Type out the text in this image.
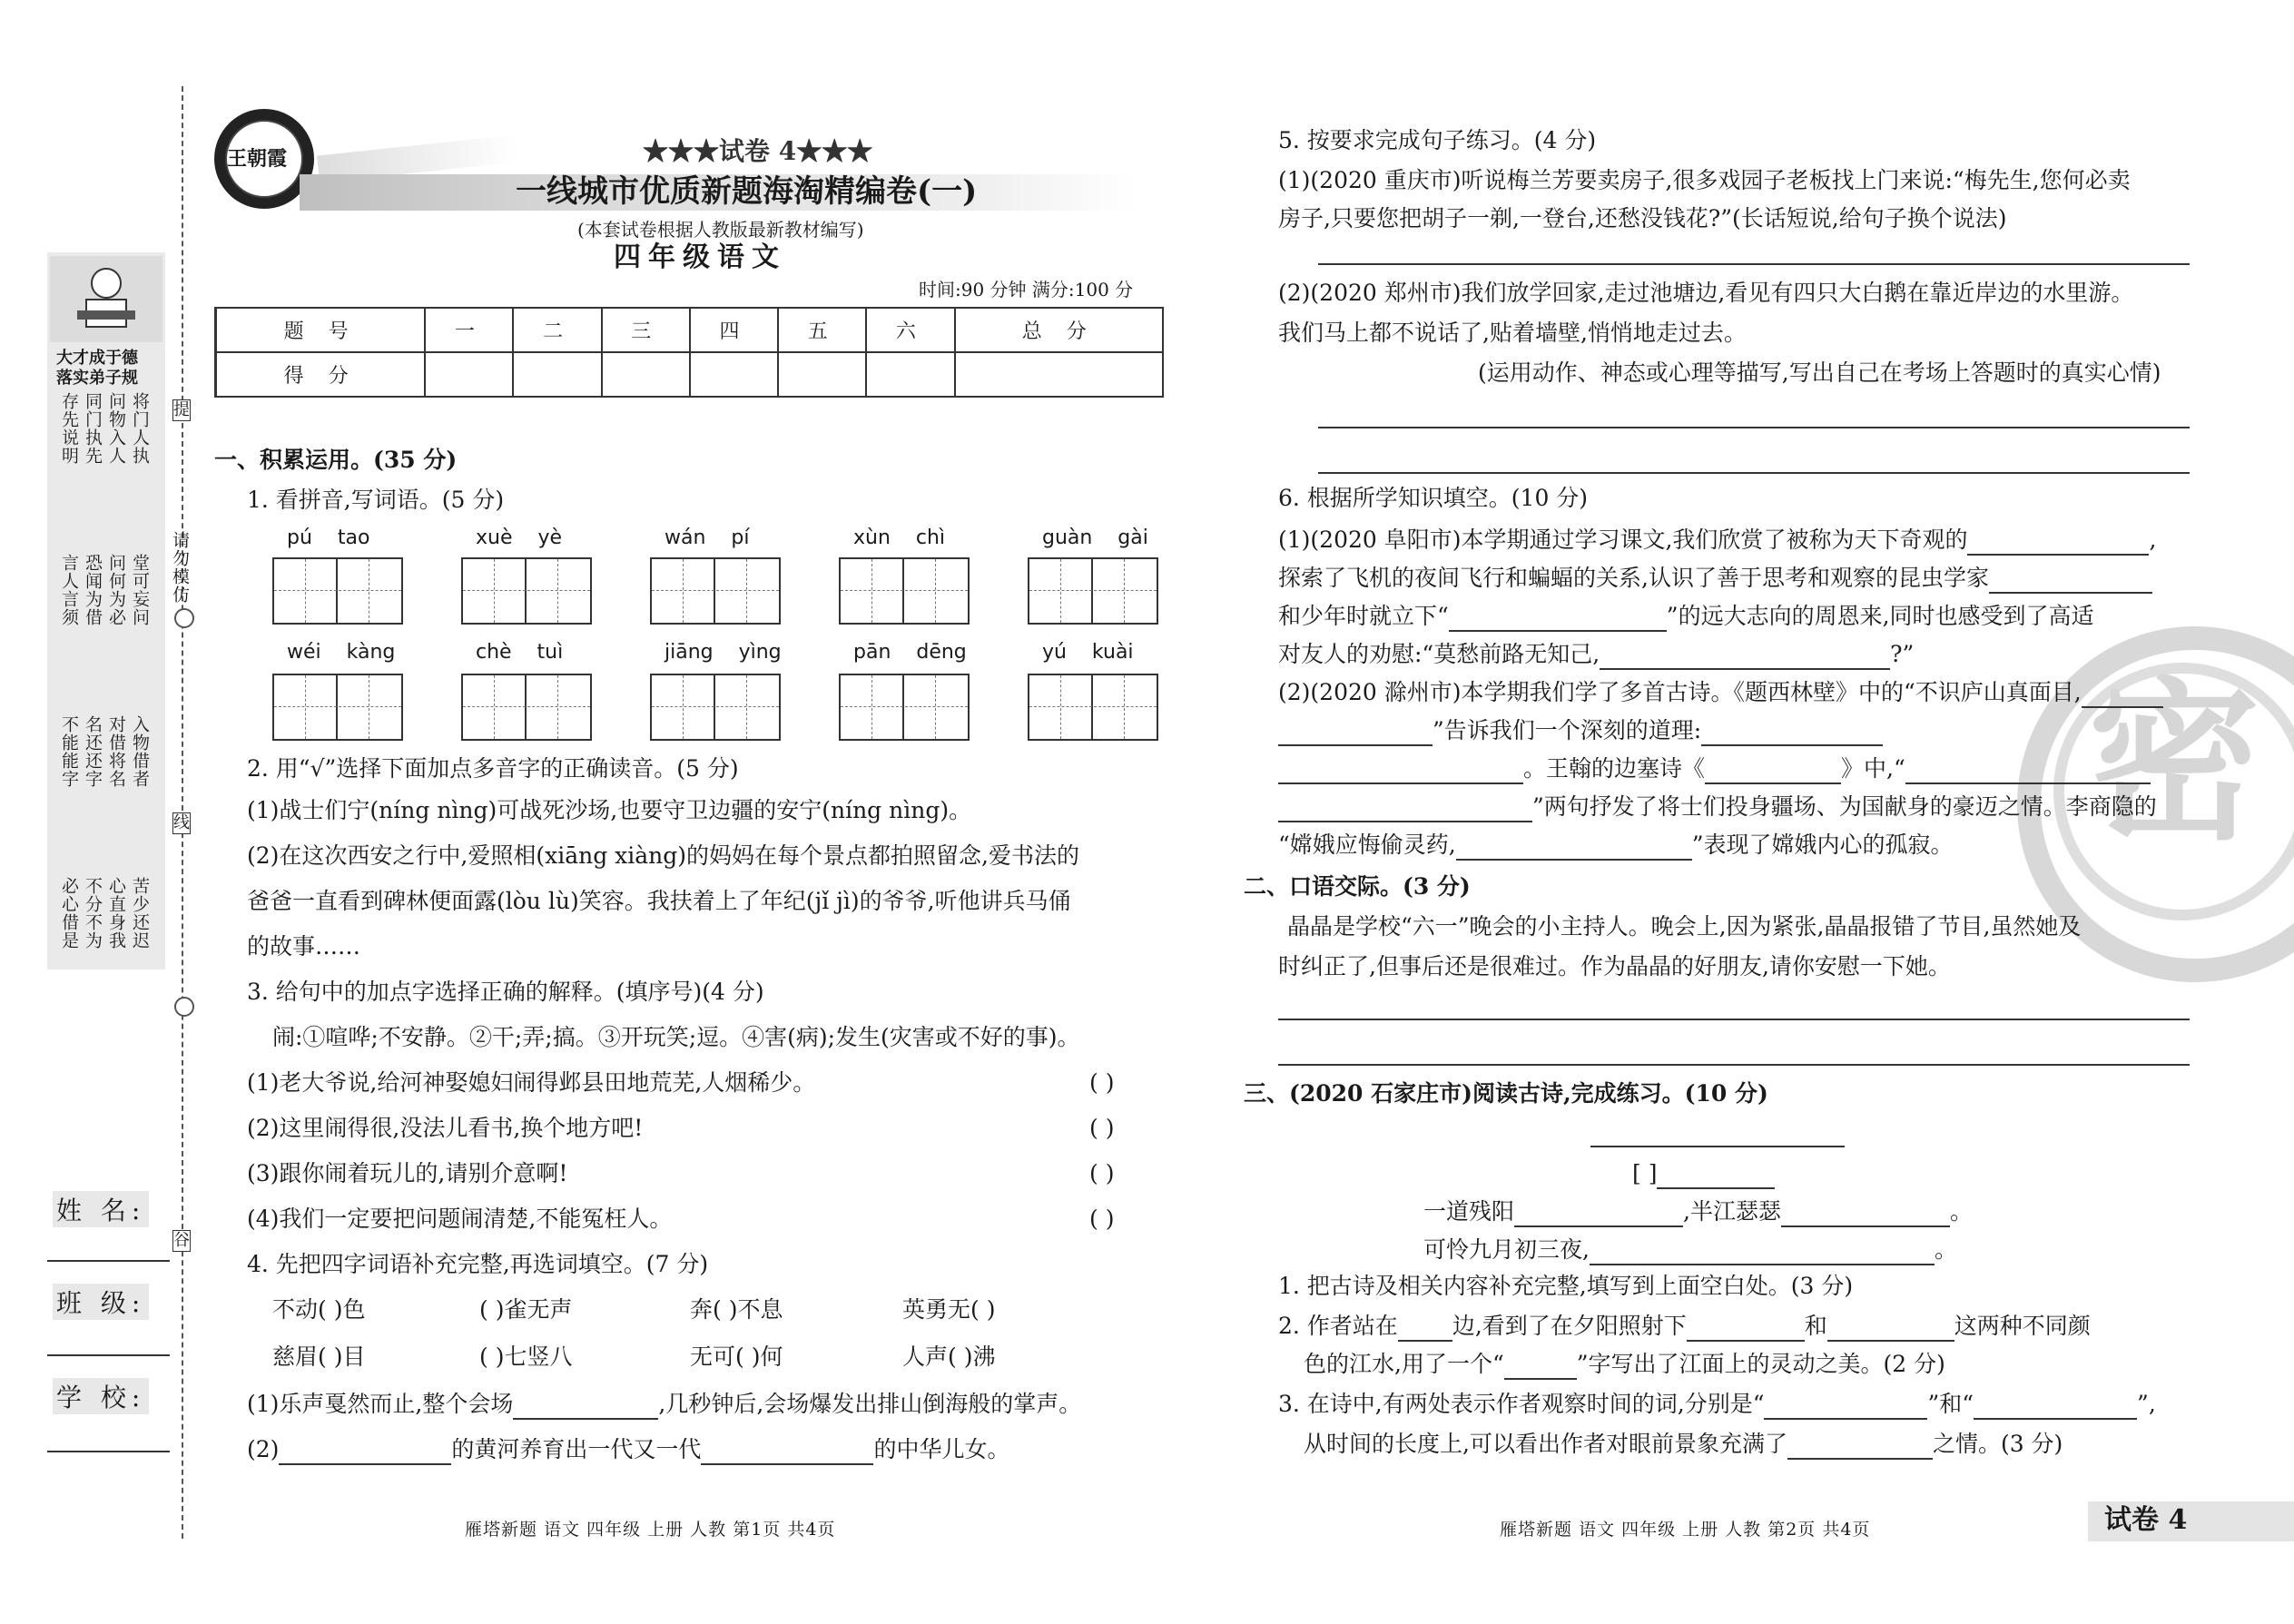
大才成于德
落实弟子规
将门人执
问物入人
同门执先
存先说明
堂可妄问
问何为必
恐闻为借
言人言须
入物借者
对借将名
名还还字
不能能字
苦少还迟
心直身我
不分不为
必心借是
提
请勿模仿
线
谷
姓 名:
班 级:
学 校:
王朝霞	★★★试卷 4★★★
一线城市优质新题海淘精编卷(一)
(本套试卷根据人教版最新教材编写)
四年级语文
时间:90 分钟 满分:100 分
题 号	一	二	三	四	五	六	总 分
得 分							
一、积累运用。(35 分)
1. 看拼音,写词语。(5 分)
pú    tao	xuè    yè	wán    pí	xùn    chì	guàn    gài
wéi    kàng	chè    tuì	jiāng    yìng	pān    dēng	yú    kuài
2. 用“√”选择下面加点多音字的正确读音。(5 分)
(1)战士们宁(níng nìng)可战死沙场,也要守卫边疆的安宁(níng nìng)。
(2)在这次西安之行中,爱照相(xiāng xiàng)的妈妈在每个景点都拍照留念,爱书法的
爸爸一直看到碑林便面露(lòu lù)笑容。我扶着上了年纪(jǐ jì)的爷爷,听他讲兵马俑
的故事……
3. 给句中的加点字选择正确的解释。(填序号)(4 分)
闹:①喧哗;不安静。②干;弄;搞。③开玩笑;逗。④害(病);发生(灾害或不好的事)。
(1)老大爷说,给河神娶媳妇闹得邺县田地荒芜,人烟稀少。	( )
(2)这里闹得很,没法儿看书,换个地方吧!	( )
(3)跟你闹着玩儿的,请别介意啊!	( )
(4)我们一定要把问题闹清楚,不能冤枉人。	( )
4. 先把四字词语补充完整,再选词填空。(7 分)
不动( )色	( )雀无声	奔( )不息	英勇无( )
慈眉( )目	( )七竖八	无可( )何	人声( )沸
(1)乐声戛然而止,整个会场	,几秒钟后,会场爆发出排山倒海般的掌声。
(2)	的黄河养育出一代又一代	的中华儿女。
雁塔新题 语文 四年级 上册 人教 第1页 共4页
密
5. 按要求完成句子练习。(4 分)
(1)(2020 重庆市)听说梅兰芳要卖房子,很多戏园子老板找上门来说:“梅先生,您何必卖
房子,只要您把胡子一剃,一登台,还愁没钱花?”(长话短说,给句子换个说法)
(2)(2020 郑州市)我们放学回家,走过池塘边,看见有四只大白鹅在靠近岸边的水里游。
我们马上都不说话了,贴着墙壁,悄悄地走过去。
(运用动作、神态或心理等描写,写出自己在考场上答题时的真实心情)
6. 根据所学知识填空。(10 分)
(1)(2020 阜阳市)本学期通过学习课文,我们欣赏了被称为天下奇观的	,
探索了飞机的夜间飞行和蝙蝠的关系,认识了善于思考和观察的昆虫学家
和少年时就立下“	”的远大志向的周恩来,同时也感受到了高适
对友人的劝慰:“莫愁前路无知己,	?”
(2)(2020 滁州市)本学期我们学了多首古诗。《题西林壁》中的“不识庐山真面目,
”告诉我们一个深刻的道理:
。王翰的边塞诗《	》中,“
”两句抒发了将士们投身疆场、为国献身的豪迈之情。李商隐的
“嫦娥应悔偷灵药,	”表现了嫦娥内心的孤寂。
二、口语交际。(3 分)
晶晶是学校“六一”晚会的小主持人。晚会上,因为紧张,晶晶报错了节目,虽然她及
时纠正了,但事后还是很难过。作为晶晶的好朋友,请你安慰一下她。
三、(2020 石家庄市)阅读古诗,完成练习。(10 分)
[ ]
一道残阳	,半江瑟瑟	。
可怜九月初三夜,	。
1. 把古诗及相关内容补充完整,填写到上面空白处。(3 分)
2. 作者站在 边,看到了在夕阳照射下	和	这两种不同颜
色的江水,用了一个“	”字写出了江面上的灵动之美。(2 分)
3. 在诗中,有两处表示作者观察时间的词,分别是“	”和“	”,
从时间的长度上,可以看出作者对眼前景象充满了	之情。(3 分)
雁塔新题 语文 四年级 上册 人教 第2页 共4页	试卷 4
